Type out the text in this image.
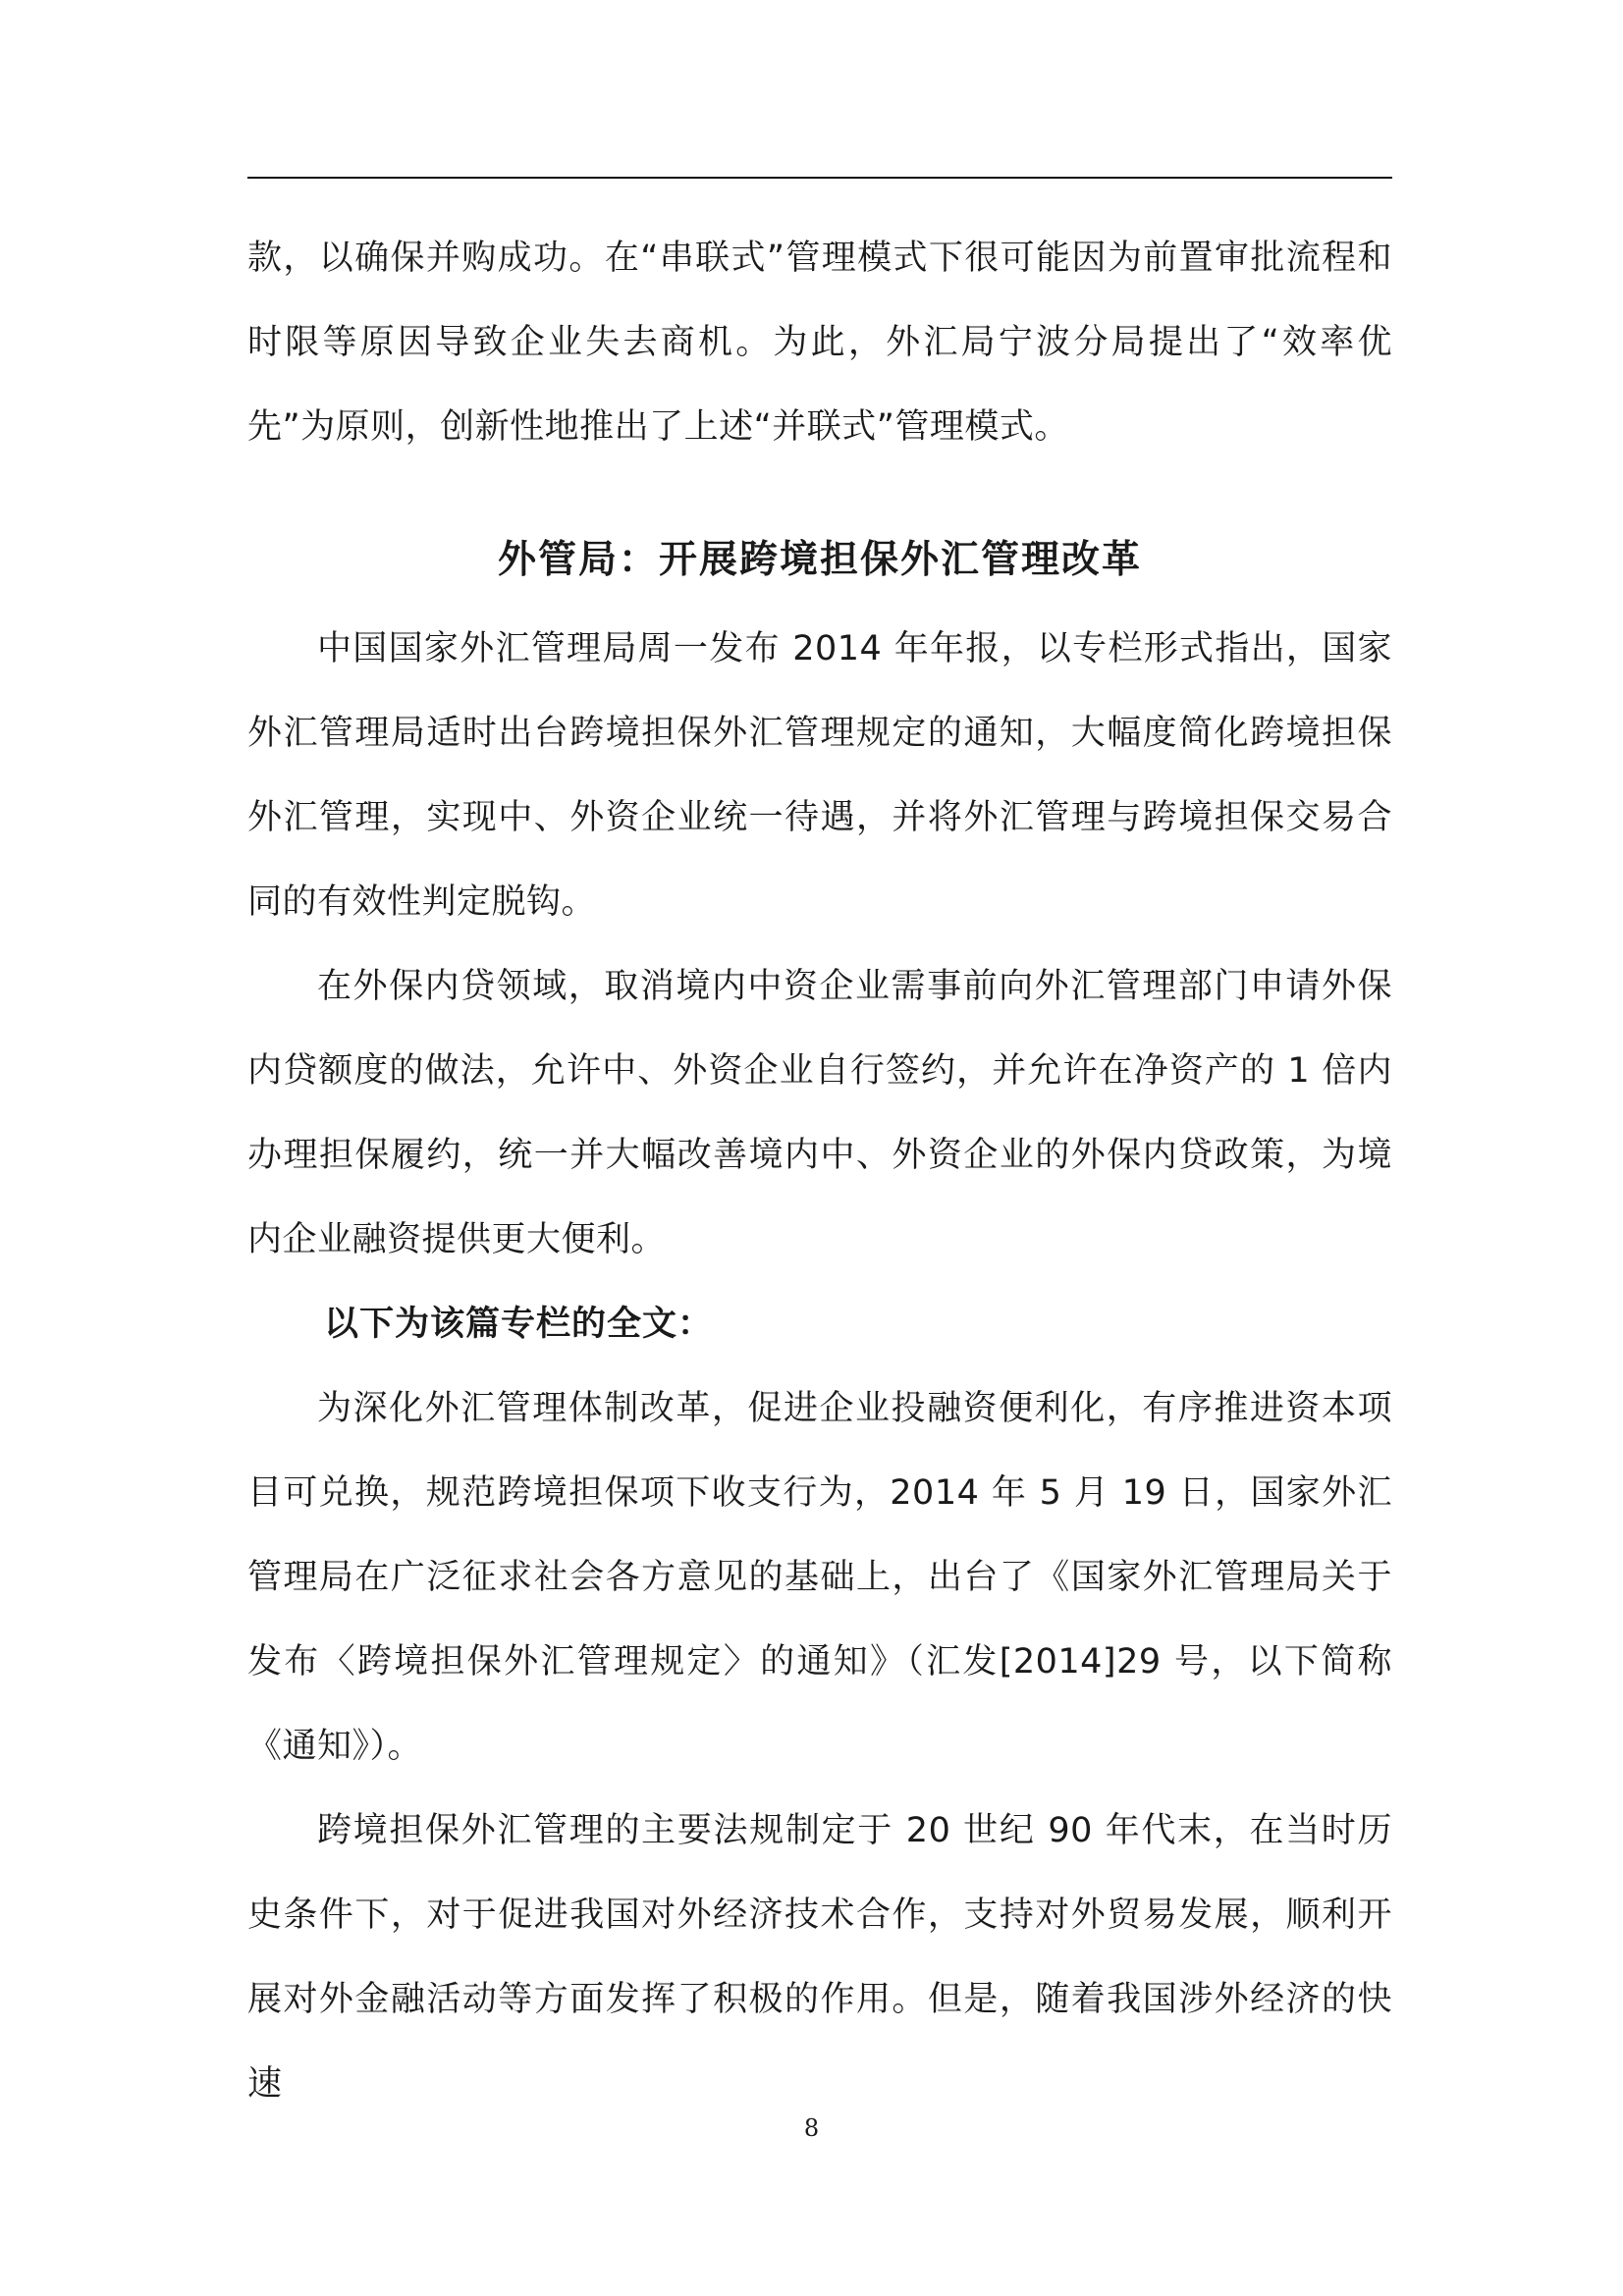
款，以确保并购成功。在“串联式”管理模式下很可能因为前置审批流程和时限等原因导致企业失去商机。为此，外汇局宁波分局提出了“效率优先”为原则，创新性地推出了上述“并联式”管理模式。

外管局：开展跨境担保外汇管理改革

中国国家外汇管理局周一发布 2014 年年报，以专栏形式指出，国家外汇管理局适时出台跨境担保外汇管理规定的通知，大幅度简化跨境担保外汇管理，实现中、外资企业统一待遇，并将外汇管理与跨境担保交易合同的有效性判定脱钩。

在外保内贷领域，取消境内中资企业需事前向外汇管理部门申请外保内贷额度的做法，允许中、外资企业自行签约，并允许在净资产的 1 倍内办理担保履约，统一并大幅改善境内中、外资企业的外保内贷政策，为境内企业融资提供更大便利。

以下为该篇专栏的全文：

为深化外汇管理体制改革，促进企业投融资便利化，有序推进资本项目可兑换，规范跨境担保项下收支行为，2014 年 5 月 19 日，国家外汇管理局在广泛征求社会各方意见的基础上，出台了《国家外汇管理局关于发布〈跨境担保外汇管理规定〉的通知》（汇发[2014]29 号，以下简称《通知》）。

跨境担保外汇管理的主要法规制定于 20 世纪 90 年代末，在当时历史条件下，对于促进我国对外经济技术合作，支持对外贸易发展，顺利开展对外金融活动等方面发挥了积极的作用。但是，随着我国涉外经济的快速

8
